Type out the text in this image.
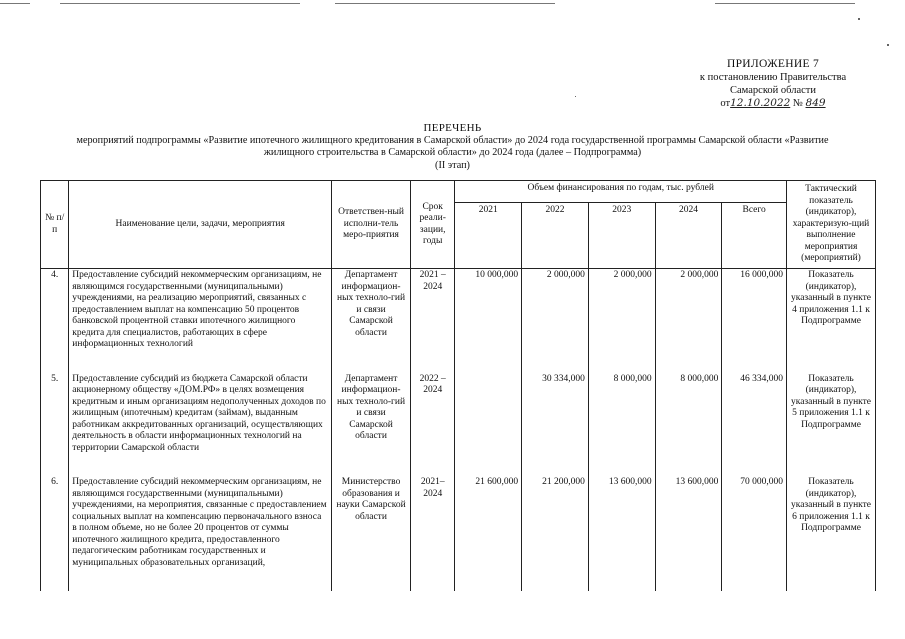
ПРИЛОЖЕНИЕ 7
к постановлению Правительства
Самарской области
от12.10.2022 № 849
ПЕРЕЧЕНЬ
мероприятий подпрограммы «Развитие ипотечного жилищного кредитования в Самарской области» до 2024 года государственной программы Самарской области «Развитие
жилищного строительства в Самарской области» до 2024 года (далее – Подпрограмма)
(II этап)
№ п/п	Наименование цели, задачи, мероприятия	Ответствен-ный исполни-тель меро-приятия	Срок реали-зации, годы	Объем финансирования по годам, тыс. рублей					Тактический показатель (индикатор), характеризую-щий выполнение мероприятия (мероприятий)
				2021	2022	2023	2024	Всего	
4.	Предоставление субсидий некоммерческим организациям, не являющимся государственными (муниципальными) учреждениями, на реализацию мероприятий, связанных с предоставлением выплат на компенсацию 50 процентов банковской процентной ставки ипотечного жилищного кредита для специалистов, работающих в сфере информационных технологий	Департамент информацион-ных техноло-гий и связи Самарской области	2021 – 2024	10 000,000	2 000,000	2 000,000	2 000,000	16 000,000	Показатель (индикатор), указанный в пункте 4 приложения 1.1 к Подпрограмме
5.	Предоставление субсидий из бюджета Самарской области акционерному обществу «ДОМ.РФ» в целях возмещения кредитным и иным организациям недополученных доходов по жилищным (ипотечным) кредитам (займам), выданным работникам аккредитованных организаций, осуществляющих деятельность в области информационных технологий на территории Самарской области	Департамент информацион-ных техноло-гий и связи Самарской области	2022 – 2024		30 334,000	8 000,000	8 000,000	46 334,000	Показатель (индикатор), указанный в пункте 5 приложения 1.1 к Подпрограмме
6.	Предоставление субсидий некоммерческим организациям, не являющимся государственными (муниципальными) учреждениями, на мероприятия, связанные с предоставлением социальных выплат на компенсацию первоначального взноса в полном объеме, но не более 20 процентов от суммы ипотечного жилищного кредита, предоставленного педагогическим работникам государственных и муниципальных образовательных организаций,	Министерство образования и науки Самарской области	2021– 2024	21 600,000	21 200,000	13 600,000	13 600,000	70 000,000	Показатель (индикатор), указанный в пункте 6 приложения 1.1 к Подпрограмме
